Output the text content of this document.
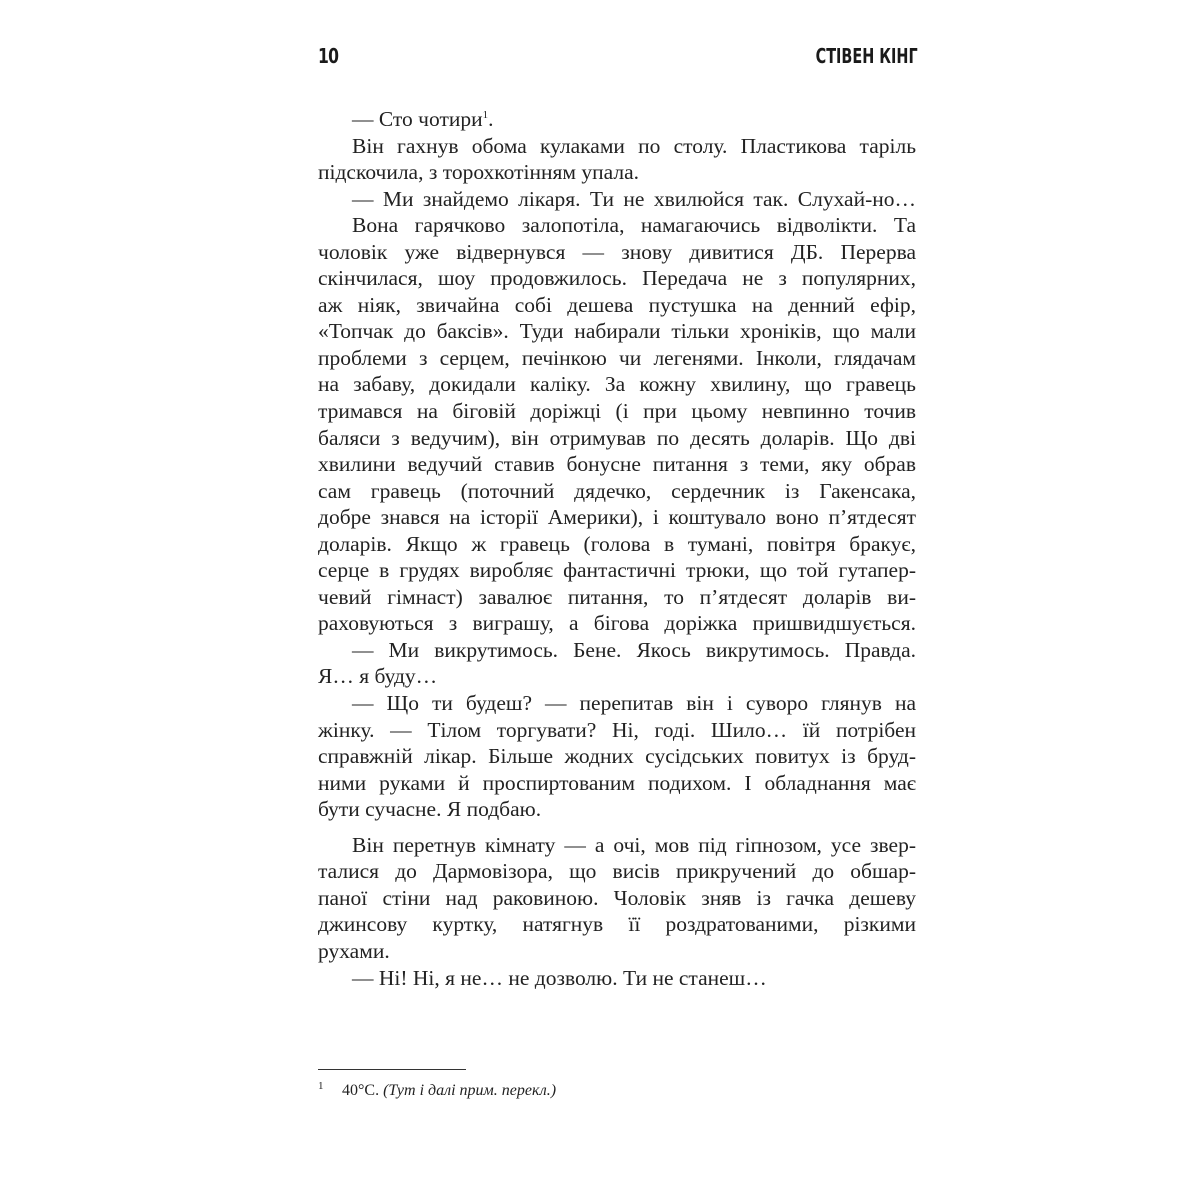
10	СТІВЕН КІНГ
— Сто чотири$^1$.
Він гахнув обома кулаками по столу. Пластикова таріль
підскочила, з торохкотінням упала.
— Ми знайдемо лікаря. Ти не хвилюйся так. Слухай-но…
Вона гарячково залопотіла, намагаючись відволікти. Та
чоловік уже відвернувся — знову дивитися ДБ. Перерва
скінчилася, шоу продовжилось. Передача не з популярних,
аж ніяк, звичайна собі дешева пустушка на денний ефір,
«Топчак до баксів». Туди набирали тільки хроніків, що мали
проблеми з серцем, печінкою чи легенями. Інколи, глядачам
на забаву, докидали каліку. За кожну хвилину, що гравець
тримався на біговій доріжці (і при цьому невпинно точив
баляси з ведучим), він отримував по десять доларів. Що дві
хвилини ведучий ставив бонусне питання з теми, яку обрав
сам гравець (поточний дядечко, сердечник із Гакенсака,
добре знався на історії Америки), і коштувало воно п’ятдесят
доларів. Якщо ж гравець (голова в тумані, повітря бракує,
серце в грудях виробляє фантастичні трюки, що той гутапер-
чевий гімнаст) завалює питання, то п’ятдесят доларів ви-
раховуються з виграшу, а бігова доріжка пришвидшується.
— Ми викрутимось. Бене. Якось викрутимось. Правда.
Я… я буду…
— Що ти будеш? — перепитав він і суворо глянув на
жінку. — Тілом торгувати? Ні, годі. Шило… їй потрібен
справжній лікар. Більше жодних сусідських повитух із бруд-
ними руками й проспиртованим подихом. І обладнання має
бути сучасне. Я подбаю.
Він перетнув кімнату — а очі, мов під гіпнозом, усе звер-
талися до Дармовізора, що висів прикручений до обшар-
паної стіни над раковиною. Чоловік зняв із гачка дешеву
джинсову куртку, натягнув її роздратованими, різкими
рухами.
— Ні! Ні, я не… не дозволю. Ти не станеш…
1 40°C. (Тут і далі прим. перекл.)
